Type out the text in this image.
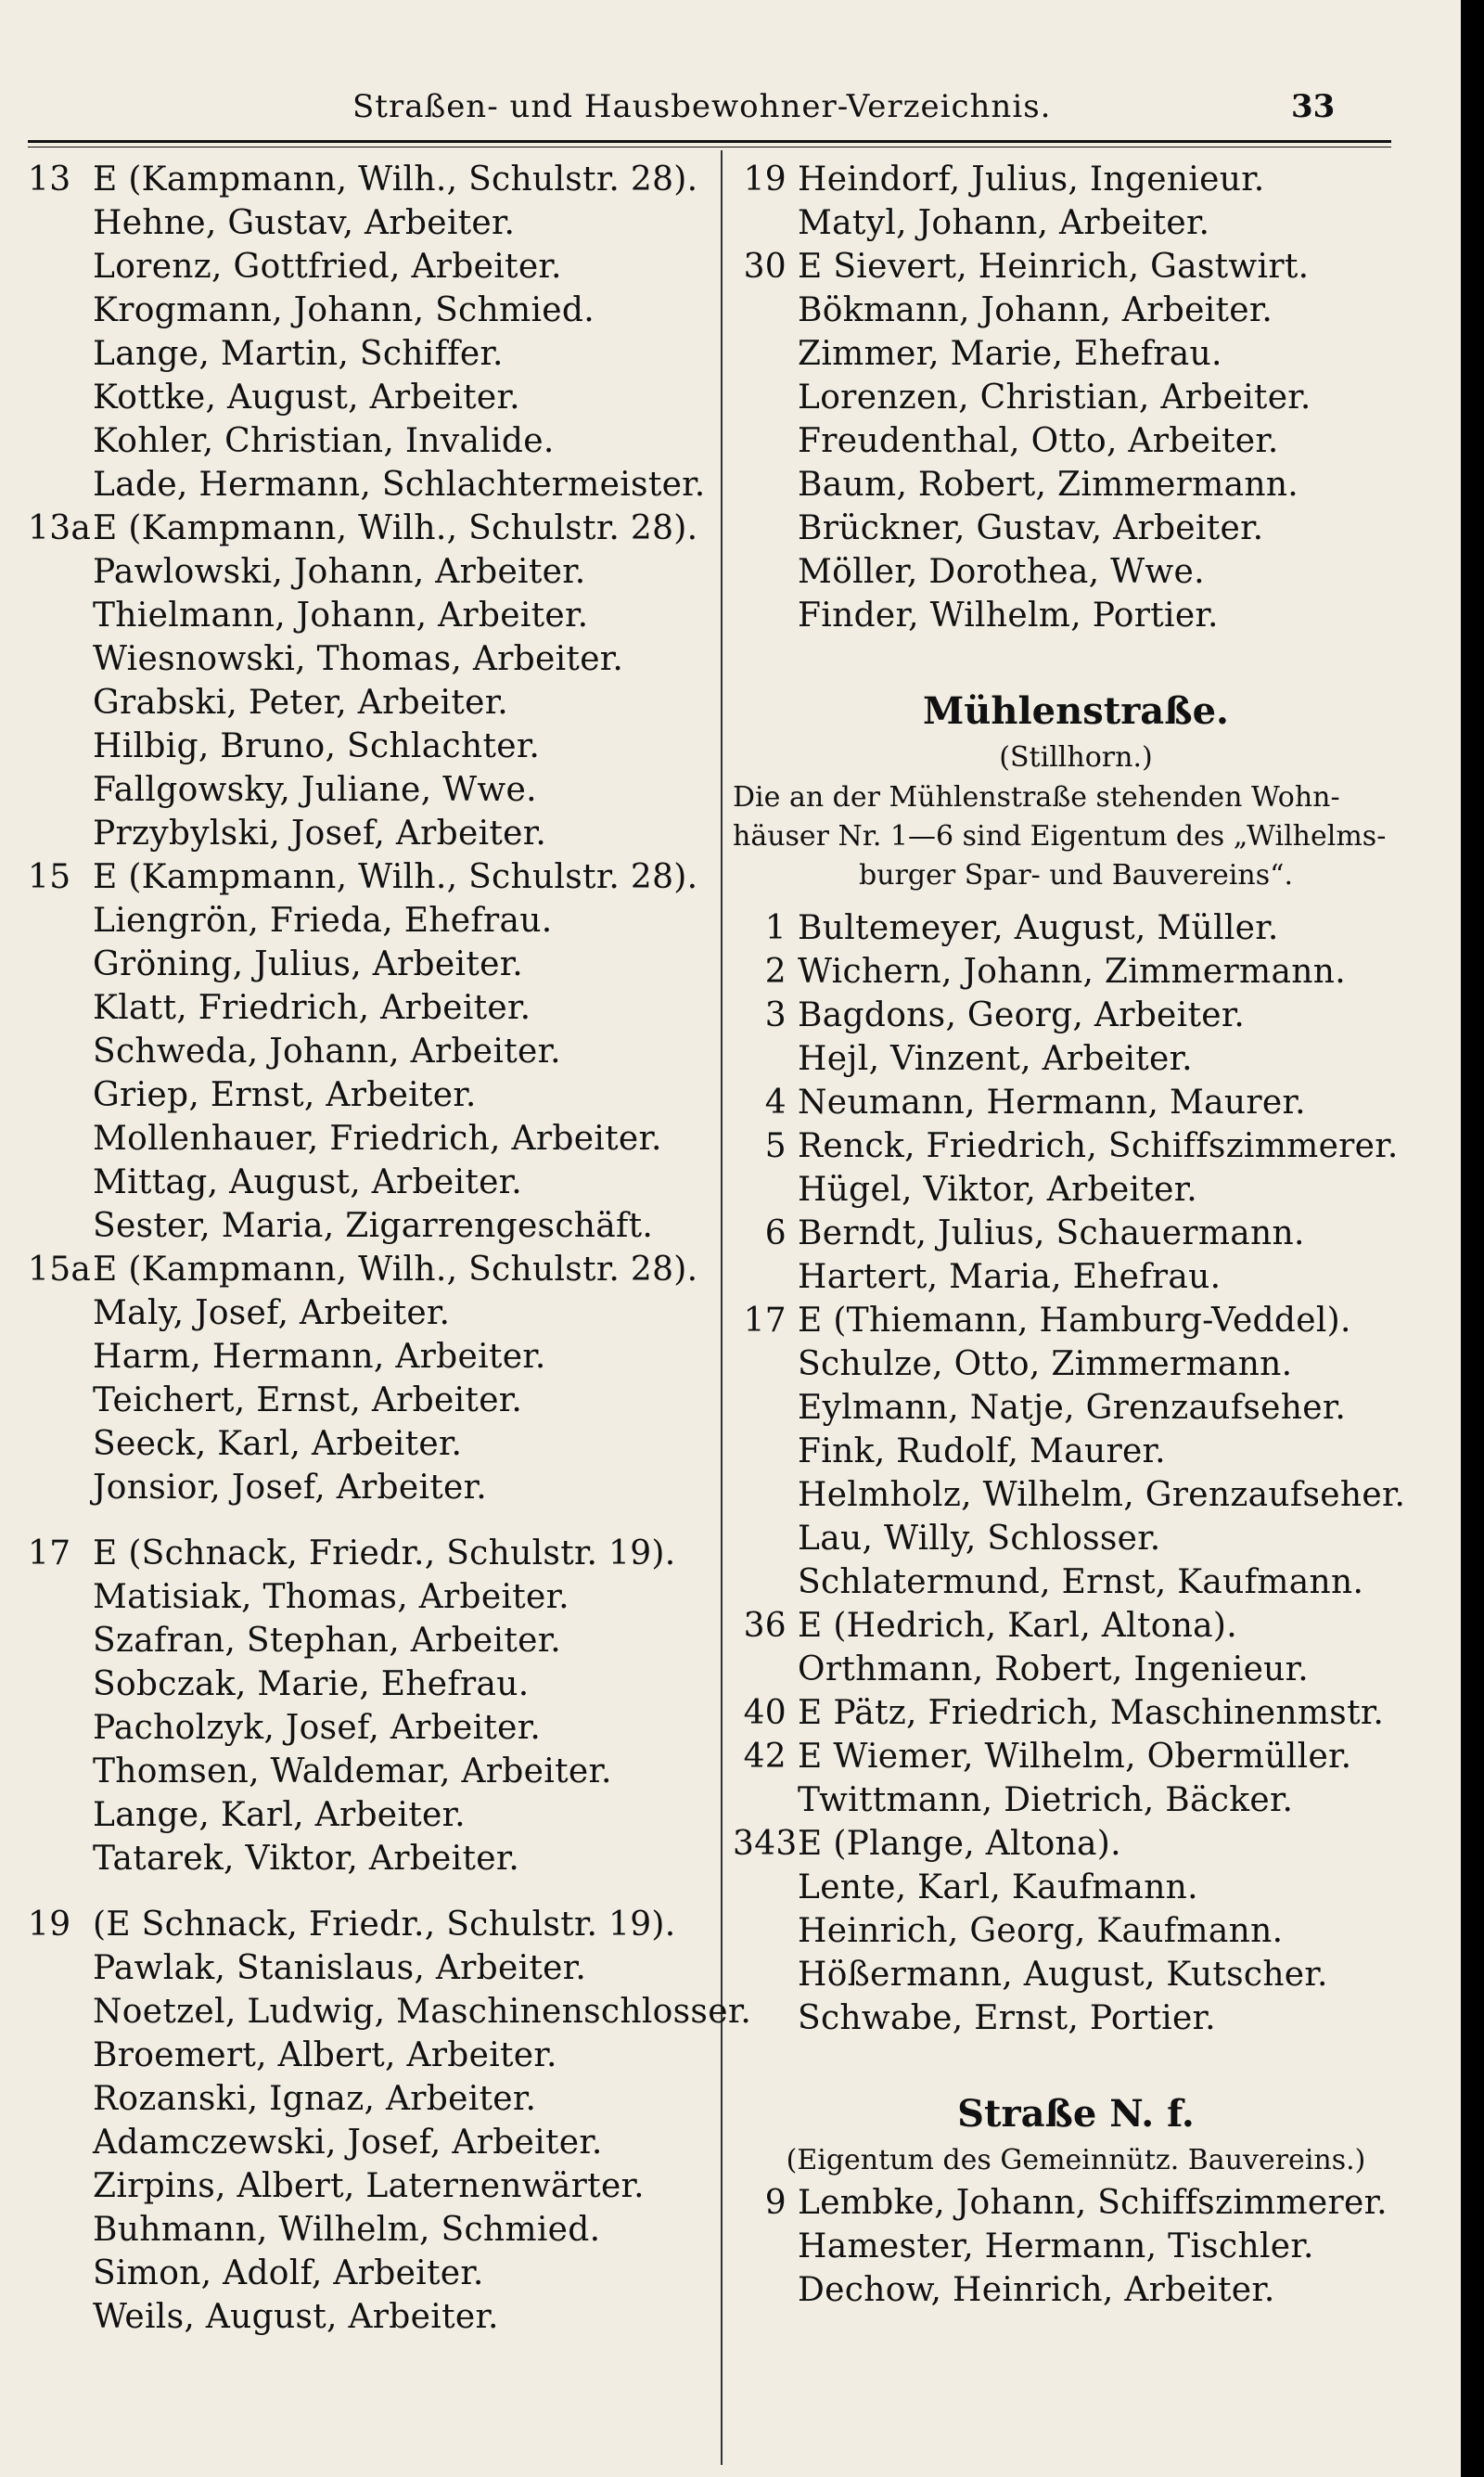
Straßen- und Hausbewohner-Verzeichnis.	33
13 E (Kampmann, Wilh., Schulstr. 28).
Hehne, Gustav, Arbeiter.
Lorenz, Gottfried, Arbeiter.
Krogmann, Johann, Schmied.
Lange, Martin, Schiffer.
Kottke, August, Arbeiter.
Kohler, Christian, Invalide.
Lade, Hermann, Schlachtermeister.
13a E (Kampmann, Wilh., Schulstr. 28).
Pawlowski, Johann, Arbeiter.
Thielmann, Johann, Arbeiter.
Wiesnowski, Thomas, Arbeiter.
Grabski, Peter, Arbeiter.
Hilbig, Bruno, Schlachter.
Fallgowsky, Juliane, Wwe.
Przybylski, Josef, Arbeiter.
15 E (Kampmann, Wilh., Schulstr. 28).
Liengrön, Frieda, Ehefrau.
Gröning, Julius, Arbeiter.
Klatt, Friedrich, Arbeiter.
Schweda, Johann, Arbeiter.
Griep, Ernst, Arbeiter.
Mollenhauer, Friedrich, Arbeiter.
Mittag, August, Arbeiter.
Sester, Maria, Zigarrengeschäft.
15a E (Kampmann, Wilh., Schulstr. 28).
Maly, Josef, Arbeiter.
Harm, Hermann, Arbeiter.
Teichert, Ernst, Arbeiter.
Seeck, Karl, Arbeiter.
Jonsior, Josef, Arbeiter.
17 E (Schnack, Friedr., Schulstr. 19).
Matisiak, Thomas, Arbeiter.
Szafran, Stephan, Arbeiter.
Sobczak, Marie, Ehefrau.
Pacholzyk, Josef, Arbeiter.
Thomsen, Waldemar, Arbeiter.
Lange, Karl, Arbeiter.
Tatarek, Viktor, Arbeiter.
19 (E Schnack, Friedr., Schulstr. 19).
Pawlak, Stanislaus, Arbeiter.
Noetzel, Ludwig, Maschinenschlosser.
Broemert, Albert, Arbeiter.
Rozanski, Ignaz, Arbeiter.
Adamczewski, Josef, Arbeiter.
Zirpins, Albert, Laternenwärter.
Buhmann, Wilhelm, Schmied.
Simon, Adolf, Arbeiter.
Weils, August, Arbeiter.
19 Heindorf, Julius, Ingenieur.
Matyl, Johann, Arbeiter.
30 E Sievert, Heinrich, Gastwirt.
Bökmann, Johann, Arbeiter.
Zimmer, Marie, Ehefrau.
Lorenzen, Christian, Arbeiter.
Freudenthal, Otto, Arbeiter.
Baum, Robert, Zimmermann.
Brückner, Gustav, Arbeiter.
Möller, Dorothea, Wwe.
Finder, Wilhelm, Portier.
Mühlenstraße.
(Stillhorn.)
Die an der Mühlenstraße stehenden Wohn-
häuser Nr. 1—6 sind Eigentum des „Wilhelms-
burger Spar- und Bauvereins“.
1 Bultemeyer, August, Müller.
2 Wichern, Johann, Zimmermann.
3 Bagdons, Georg, Arbeiter.
Hejl, Vinzent, Arbeiter.
4 Neumann, Hermann, Maurer.
5 Renck, Friedrich, Schiffszimmerer.
Hügel, Viktor, Arbeiter.
6 Berndt, Julius, Schauermann.
Hartert, Maria, Ehefrau.
17 E (Thiemann, Hamburg-Veddel).
Schulze, Otto, Zimmermann.
Eylmann, Natje, Grenzaufseher.
Fink, Rudolf, Maurer.
Helmholz, Wilhelm, Grenzaufseher.
Lau, Willy, Schlosser.
Schlatermund, Ernst, Kaufmann.
36 E (Hedrich, Karl, Altona).
Orthmann, Robert, Ingenieur.
40 E Pätz, Friedrich, Maschinenmstr.
42 E Wiemer, Wilhelm, Obermüller.
Twittmann, Dietrich, Bäcker.
343 E (Plange, Altona).
Lente, Karl, Kaufmann.
Heinrich, Georg, Kaufmann.
Hößermann, August, Kutscher.
Schwabe, Ernst, Portier.
Straße N. f.
(Eigentum des Gemeinnütz. Bauvereins.)
9 Lembke, Johann, Schiffszimmerer.
Hamester, Hermann, Tischler.
Dechow, Heinrich, Arbeiter.
